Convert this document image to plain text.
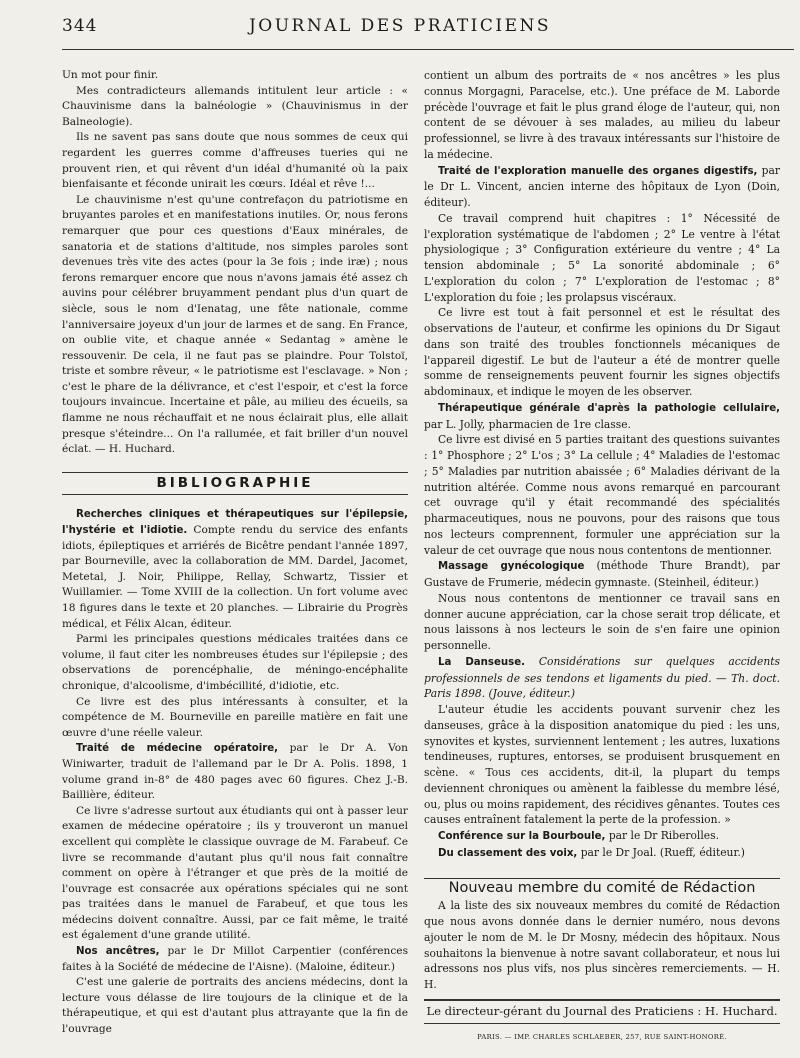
344	JOURNAL DES PRATICIENS

Un mot pour finir.

Mes contradicteurs allemands intitulent leur article : « Chauvinisme dans la balnéologie » (Chauvinismus in der Balneologie).

Ils ne savent pas sans doute que nous sommes de ceux qui regardent les guerres comme d'affreuses tueries qui ne prouvent rien, et qui rêvent d'un idéal d'humanité où la paix bienfaisante et féconde unirait les cœurs. Idéal et rêve !...

Le chauvinisme n'est qu'une contrefaçon du patriotisme en bruyantes paroles et en manifestations inutiles. Or, nous ferons remarquer que pour ces questions d'Eaux minérales, de sanatoria et de stations d'altitude, nos simples paroles sont devenues très vite des actes (pour la 3e fois ; inde iræ) ; nous ferons remarquer encore que nous n'avons jamais été assez ch auvins pour célébrer bruyamment pendant plus d'un quart de siècle, sous le nom d'Ienatag, une fête nationale, comme l'anniversaire joyeux d'un jour de larmes et de sang. En France, on oublie vite, et chaque année « Sedantag » amène le ressouvenir. De cela, il ne faut pas se plaindre. Pour Tolstoï, triste et sombre rêveur, « le patriotisme est l'esclavage. » Non ; c'est le phare de la délivrance, et c'est l'espoir, et c'est la force toujours invaincue. Incertaine et pâle, au milieu des écueils, sa flamme ne nous réchauffait et ne nous éclairait plus, elle allait presque s'éteindre... On l'a rallumée, et fait briller d'un nouvel éclat. — H. Huchard.

BIBLIOGRAPHIE

Recherches cliniques et thérapeutiques sur l'épilepsie, l'hystérie et l'idiotie. Compte rendu du service des enfants idiots, épileptiques et arriérés de Bicêtre pendant l'année 1897, par Bourneville, avec la collaboration de MM. Dardel, Jacomet, Metetal, J. Noir, Philippe, Rellay, Schwartz, Tissier et Wuillamier. — Tome XVIII de la collection. Un fort volume avec 18 figures dans le texte et 20 planches. — Librairie du Progrès médical, et Félix Alcan, éditeur.

Parmi les principales questions médicales traitées dans ce volume, il faut citer les nombreuses études sur l'épilepsie ; des observations de porencéphalie, de méningo-encéphalite chronique, d'alcoolisme, d'imbécillité, d'idiotie, etc.

Ce livre est des plus intéressants à consulter, et la compétence de M. Bourneville en pareille matière en fait une œuvre d'une réelle valeur.

Traité de médecine opératoire, par le Dr A. Von Winiwarter, traduit de l'allemand par le Dr A. Polis. 1898, 1 volume grand in-8° de 480 pages avec 60 figures. Chez J.-B. Baillière, éditeur.

Ce livre s'adresse surtout aux étudiants qui ont à passer leur examen de médecine opératoire ; ils y trouveront un manuel excellent qui complète le classique ouvrage de M. Farabeuf. Ce livre se recommande d'autant plus qu'il nous fait connaître comment on opère à l'étranger et que près de la moitié de l'ouvrage est consacrée aux opérations spéciales qui ne sont pas traitées dans le manuel de Farabeuf, et que tous les médecins doivent connaître. Aussi, par ce fait même, le traité est également d'une grande utilité.

Nos ancêtres, par le Dr Millot Carpentier (conférences faites à la Société de médecine de l'Aisne). (Maloine, éditeur.)

C'est une galerie de portraits des anciens médecins, dont la lecture vous délasse de lire toujours de la clinique et de la thérapeutique, et qui est d'autant plus attrayante que la fin de l'ouvrage

contient un album des portraits de « nos ancêtres » les plus connus Morgagni, Paracelse, etc.). Une préface de M. Laborde précède l'ouvrage et fait le plus grand éloge de l'auteur, qui, non content de se dévouer à ses malades, au milieu du labeur professionnel, se livre à des travaux intéressants sur l'histoire de la médecine.

Traité de l'exploration manuelle des organes digestifs, par le Dr L. Vincent, ancien interne des hôpitaux de Lyon (Doin, éditeur).

Ce travail comprend huit chapitres : 1° Nécessité de l'exploration systématique de l'abdomen ; 2° Le ventre à l'état physiologique ; 3° Configuration extérieure du ventre ; 4° La tension abdominale ; 5° La sonorité abdominale ; 6° L'exploration du colon ; 7° L'exploration de l'estomac ; 8° L'exploration du foie ; les prolapsus viscéraux.

Ce livre est tout à fait personnel et est le résultat des observations de l'auteur, et confirme les opinions du Dr Sigaut dans son traité des troubles fonctionnels mécaniques de l'appareil digestif. Le but de l'auteur a été de montrer quelle somme de renseignements peuvent fournir les signes objectifs abdominaux, et indique le moyen de les observer.

Thérapeutique générale d'après la pathologie cellulaire, par L. Jolly, pharmacien de 1re classe.

Ce livre est divisé en 5 parties traitant des questions suivantes : 1° Phosphore ; 2° L'os ; 3° La cellule ; 4° Maladies de l'estomac ; 5° Maladies par nutrition abaissée ; 6° Maladies dérivant de la nutrition altérée. Comme nous avons remarqué en parcourant cet ouvrage qu'il y était recommandé des spécialités pharmaceutiques, nous ne pouvons, pour des raisons que tous nos lecteurs comprennent, formuler une appréciation sur la valeur de cet ouvrage que nous nous contentons de mentionner.

Massage gynécologique (méthode Thure Brandt), par Gustave de Frumerie, médecin gymnaste. (Steinheil, éditeur.)

Nous nous contentons de mentionner ce travail sans en donner aucune appréciation, car la chose serait trop délicate, et nous laissons à nos lecteurs le soin de s'en faire une opinion personnelle.

La Danseuse. Considérations sur quelques accidents professionnels de ses tendons et ligaments du pied. — Th. doct. Paris 1898. (Jouve, éditeur.)

L'auteur étudie les accidents pouvant survenir chez les danseuses, grâce à la disposition anatomique du pied : les uns, synovites et kystes, surviennent lentement ; les autres, luxations tendineuses, ruptures, entorses, se produisent brusquement en scène. « Tous ces accidents, dit-il, la plupart du temps deviennent chroniques ou amènent la faiblesse du membre lésé, ou, plus ou moins rapidement, des récidives gênantes. Toutes ces causes entraînent fatalement la perte de la profession. »

Conférence sur la Bourboule, par le Dr Riberolles.

Du classement des voix, par le Dr Joal. (Rueff, éditeur.)

Nouveau membre du comité de Rédaction

A la liste des six nouveaux membres du comité de Rédaction que nous avons donnée dans le dernier numéro, nous devons ajouter le nom de M. le Dr Mosny, médecin des hôpitaux. Nous souhaitons la bienvenue à notre savant collaborateur, et nous lui adressons nos plus vifs, nos plus sincères remerciements. — H. H.

Le directeur-gérant du Journal des Praticiens : H. Huchard.
PARIS. — IMP. CHARLES SCHLAEBER, 257, RUE SAINT-HONORÉ.
